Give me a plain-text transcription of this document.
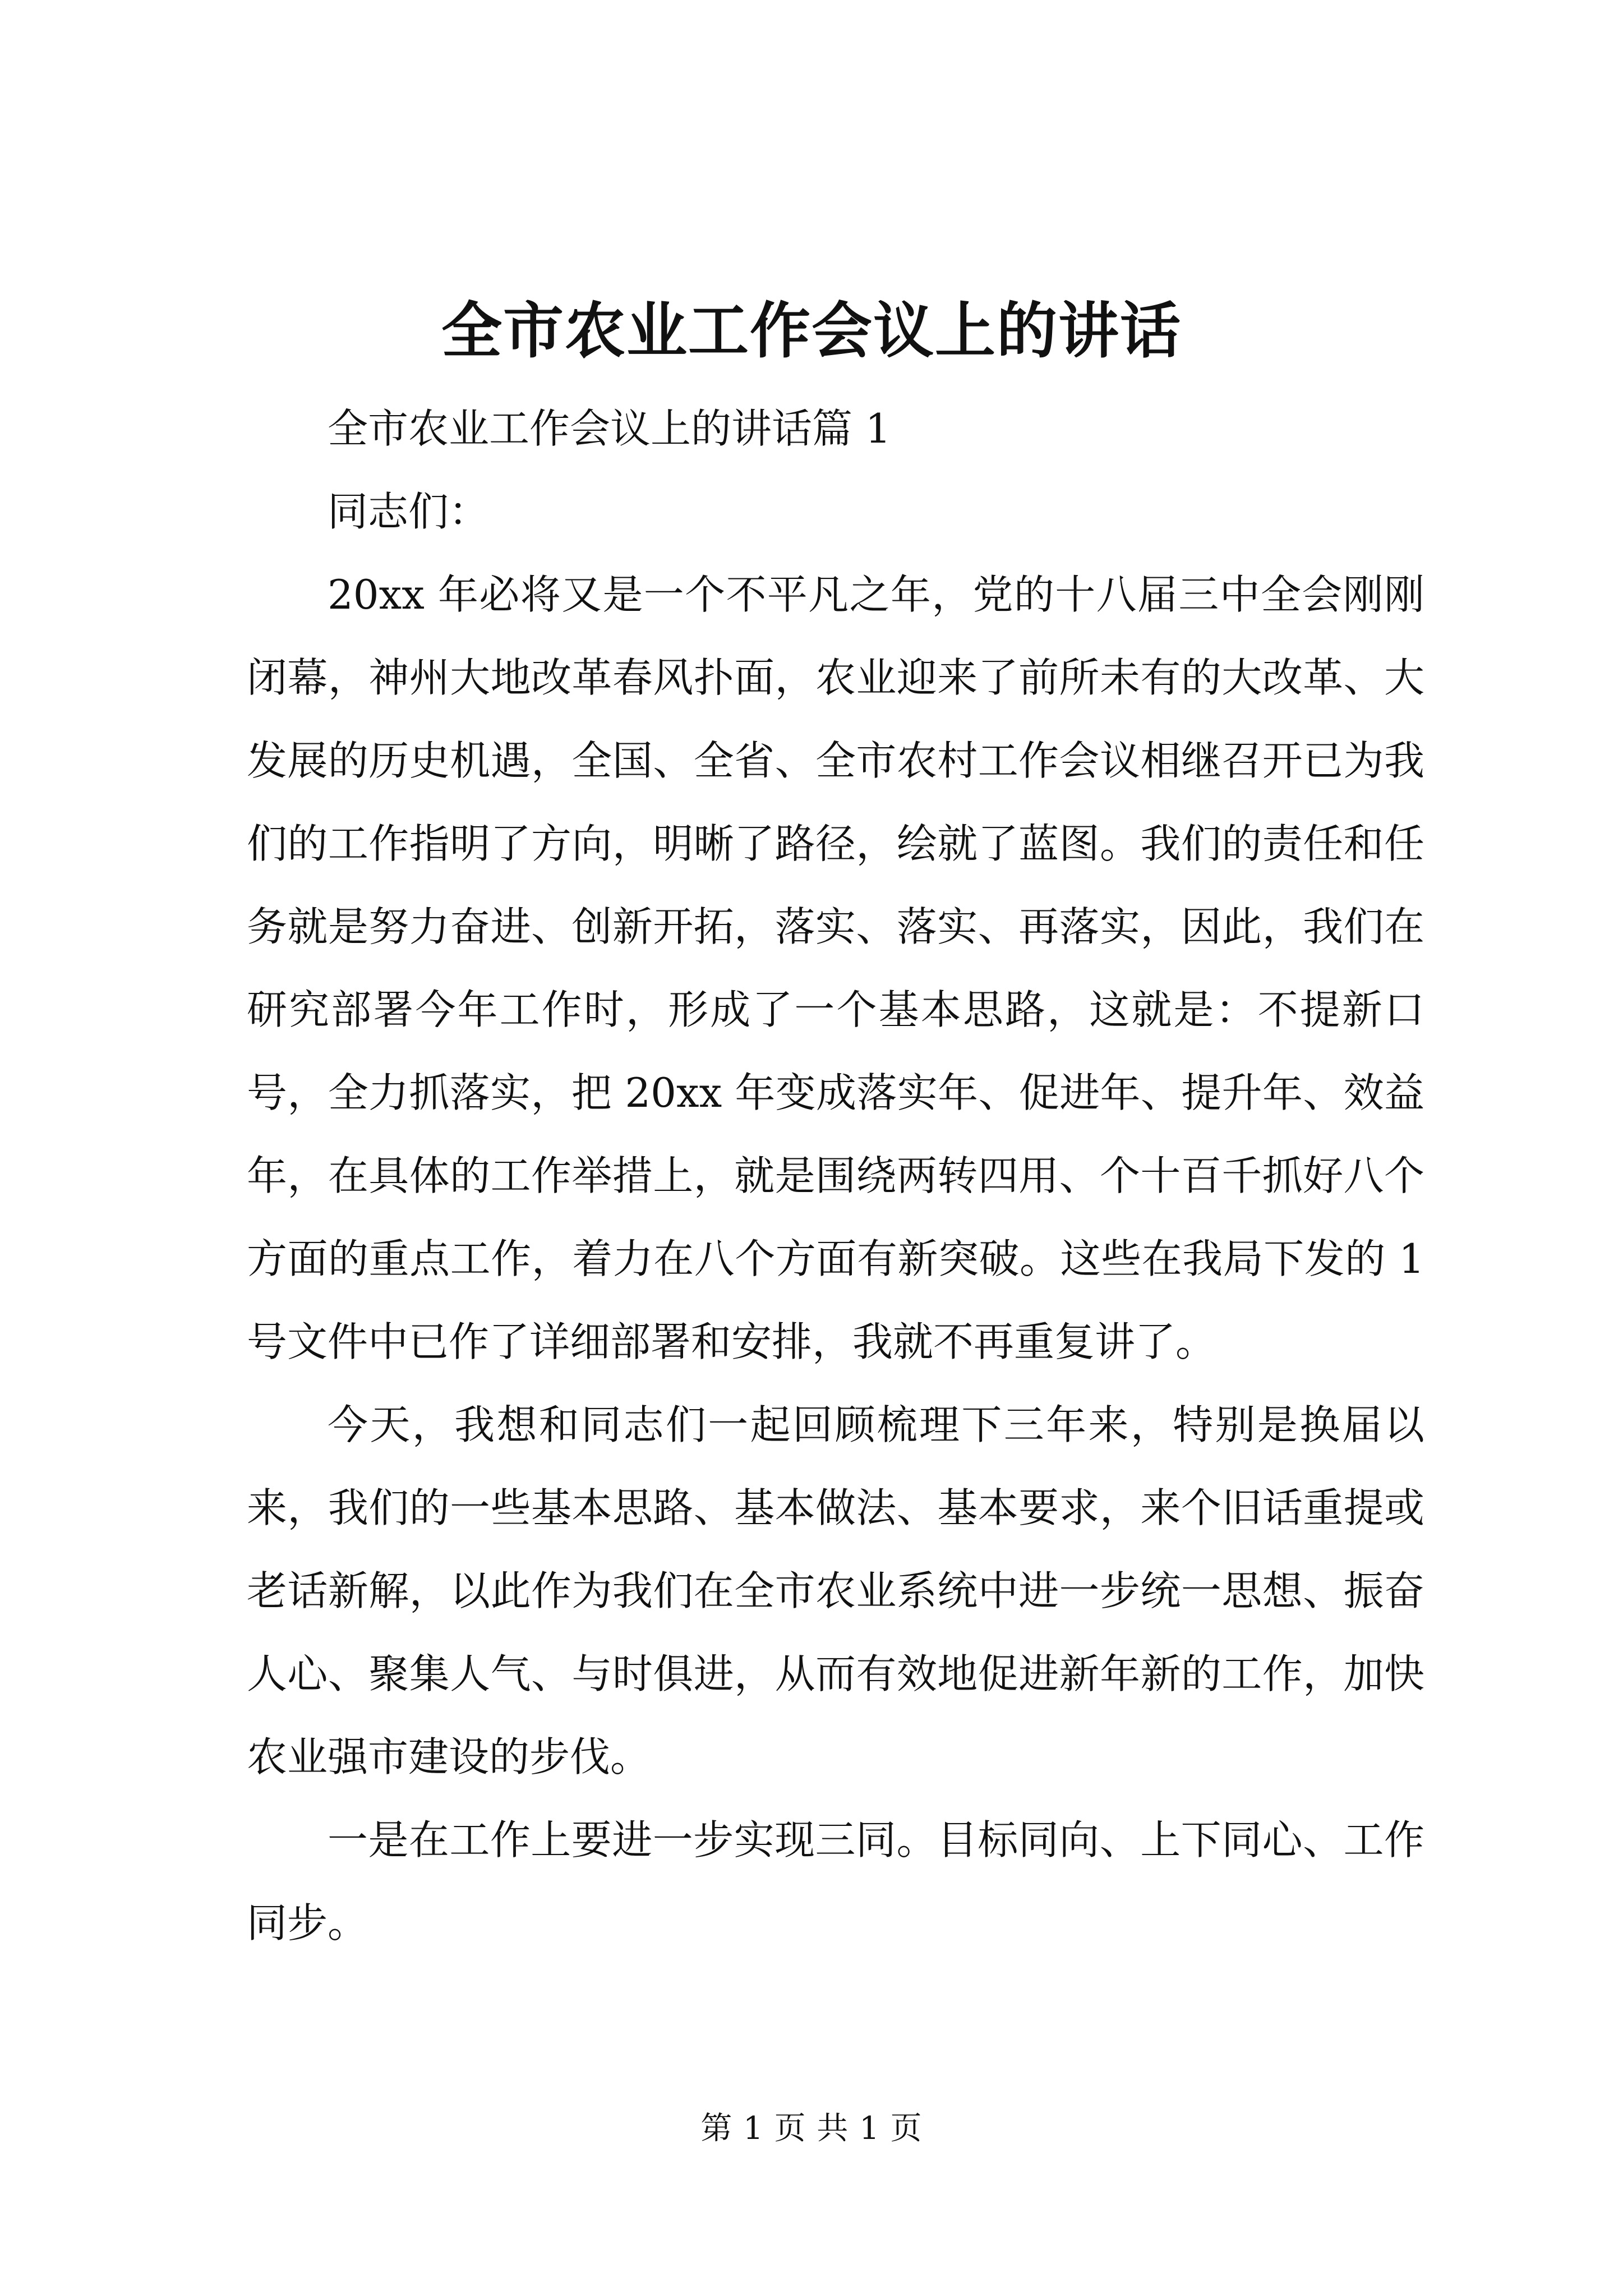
全市农业工作会议上的讲话

全市农业工作会议上的讲话篇 1

同志们：

20xx 年必将又是一个不平凡之年，党的十八届三中全会刚刚闭幕，神州大地改革春风扑面，农业迎来了前所未有的大改革、大发展的历史机遇，全国、全省、全市农村工作会议相继召开已为我们的工作指明了方向，明晰了路径，绘就了蓝图。我们的责任和任务就是努力奋进、创新开拓，落实、落实、再落实，因此，我们在研究部署今年工作时，形成了一个基本思路，这就是：不提新口号，全力抓落实，把 20xx 年变成落实年、促进年、提升年、效益年，在具体的工作举措上，就是围绕两转四用、个十百千抓好八个方面的重点工作，着力在八个方面有新突破。这些在我局下发的 1 号文件中已作了详细部署和安排，我就不再重复讲了。

今天，我想和同志们一起回顾梳理下三年来，特别是换届以来，我们的一些基本思路、基本做法、基本要求，来个旧话重提或老话新解，以此作为我们在全市农业系统中进一步统一思想、振奋人心、聚集人气、与时俱进，从而有效地促进新年新的工作，加快农业强市建设的步伐。

一是在工作上要进一步实现三同。目标同向、上下同心、工作同步。

第 1 页 共 1 页
